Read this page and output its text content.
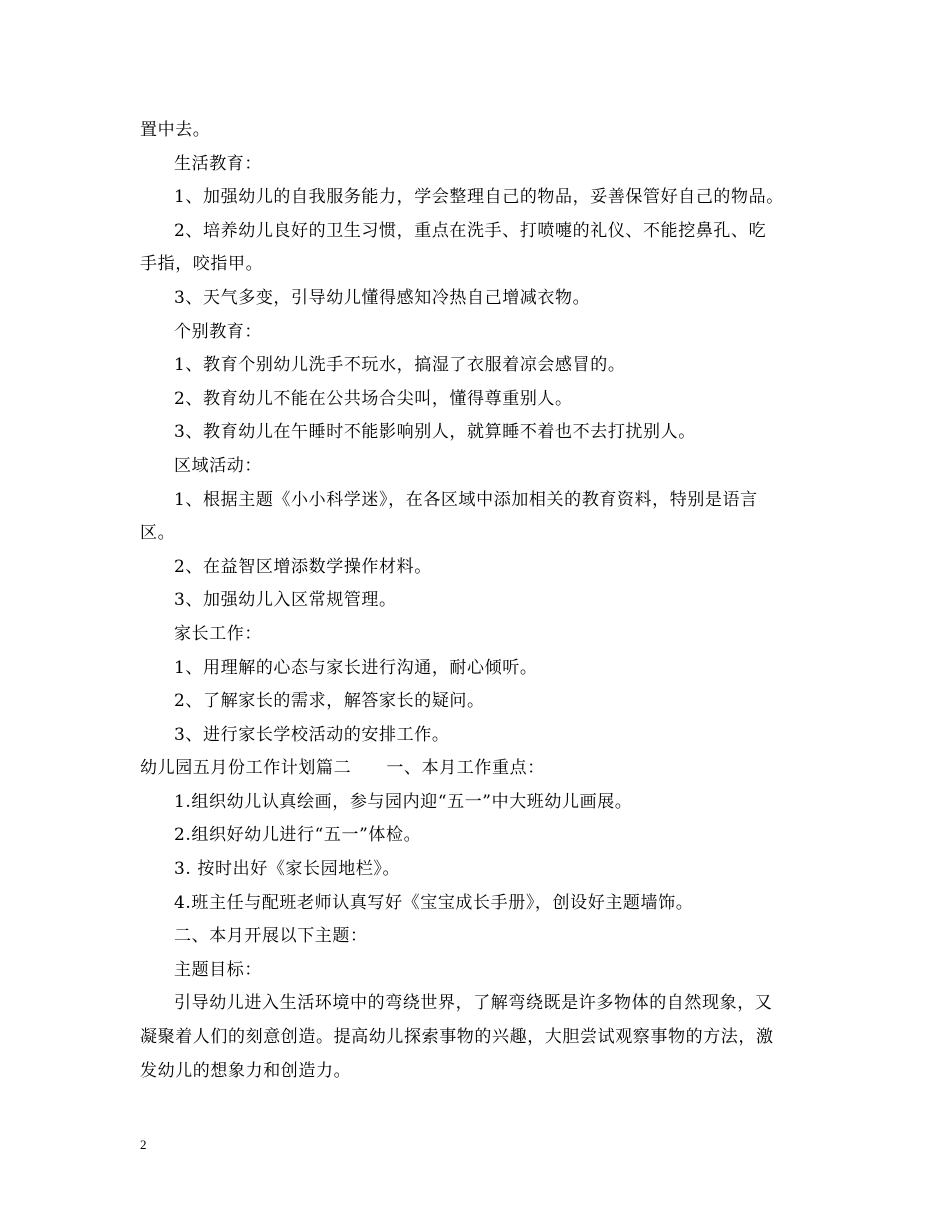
置中去。
生活教育：
1、加强幼儿的自我服务能力，学会整理自己的物品，妥善保管好自己的物品。
2、培养幼儿良好的卫生习惯，重点在洗手、打喷嚏的礼仪、不能挖鼻孔、吃
手指，咬指甲。
3、天气多变，引导幼儿懂得感知冷热自己增减衣物。
个别教育：
1、教育个别幼儿洗手不玩水，搞湿了衣服着凉会感冒的。
2、教育幼儿不能在公共场合尖叫，懂得尊重别人。
3、教育幼儿在午睡时不能影响别人，就算睡不着也不去打扰别人。
区域活动：
1、根据主题《小小科学迷》，在各区域中添加相关的教育资料，特别是语言
区。
2、在益智区增添数学操作材料。
3、加强幼儿入区常规管理。
家长工作：
1、用理解的心态与家长进行沟通，耐心倾听。
2、了解家长的需求，解答家长的疑问。
3、进行家长学校活动的安排工作。
幼儿园五月份工作计划篇二　　一、本月工作重点：
1.组织幼儿认真绘画，参与园内迎“五一”中大班幼儿画展。
2.组织好幼儿进行“五一”体检。
3. 按时出好《家长园地栏》。
4.班主任与配班老师认真写好《宝宝成长手册》，创设好主题墙饰。
二、本月开展以下主题：
主题目标：
引导幼儿进入生活环境中的弯绕世界，了解弯绕既是许多物体的自然现象，又
凝聚着人们的刻意创造。提高幼儿探索事物的兴趣，大胆尝试观察事物的方法，激
发幼儿的想象力和创造力。
2
